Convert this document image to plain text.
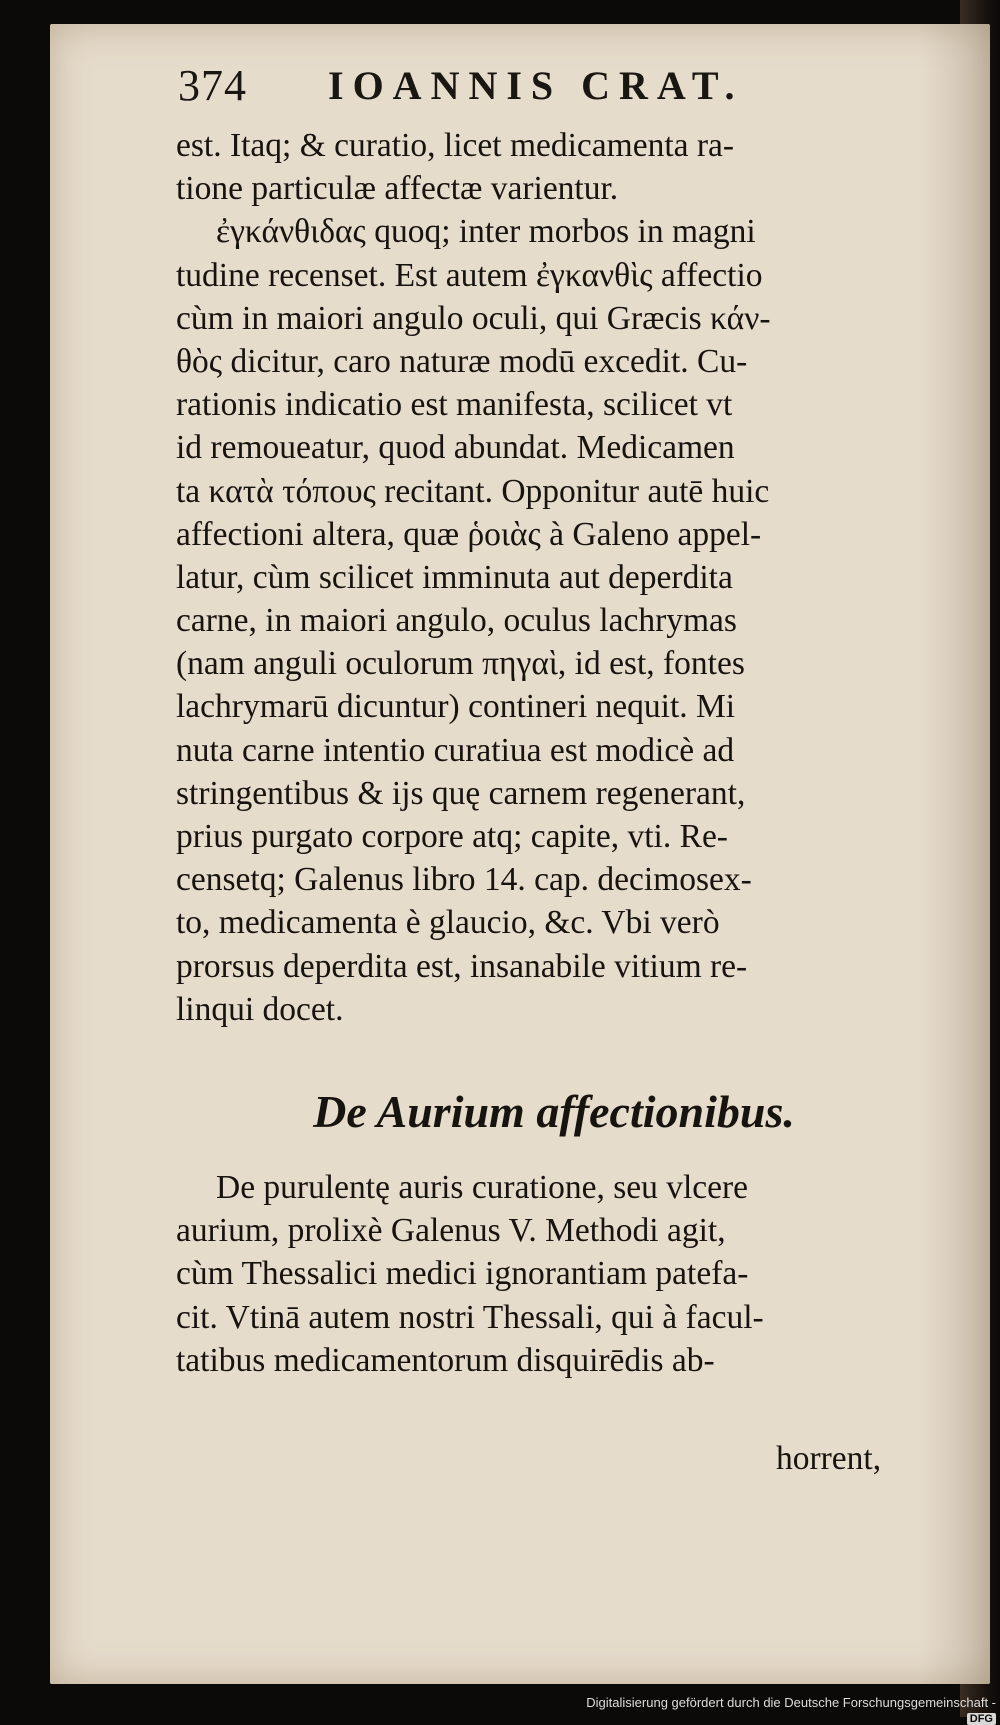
374 IOANNIS CRAT.
est. Itaq; & curatio, licet medicamenta ra-
tione particulæ affectæ varientur.
ἐγκάνθιδας quoq; inter morbos in magni
tudine recenset. Est autem ἐγκανθὶς affectio
cùm in maiori angulo oculi, qui Græcis κάν-
θὸς dicitur, caro naturæ modū excedit. Cu-
rationis indicatio est manifesta, scilicet vt
id remoueatur, quod abundat. Medicamen
ta κατὰ τόπους recitant. Opponitur autē huic
affectioni altera, quæ ῥοιὰς à Galeno appel-
latur, cùm scilicet imminuta aut deperdita
carne, in maiori angulo, oculus lachrymas
(nam anguli oculorum πηγαὶ, id est, fontes
lachrymarū dicuntur) contineri nequit. Mi
nuta carne intentio curatiua est modicè ad
stringentibus & ijs quę carnem regenerant,
prius purgato corpore atq; capite, vti. Re-
censetq; Galenus libro 14. cap. decimosex-
to, medicamenta è glaucio, &c. Vbi verò
prorsus deperdita est, insanabile vitium re-
linqui docet.
De Aurium affectionibus.
De purulentę auris curatione, seu vlcere
aurium, prolixè Galenus V. Methodi agit,
cùm Thessalici medici ignorantiam patefa-
cit. Vtinā autem nostri Thessali, qui à facul-
tatibus medicamentorum disquirēdis ab-
horrent,
Digitalisierung gefördert durch die Deutsche Forschungsgemeinschaft - DFG
